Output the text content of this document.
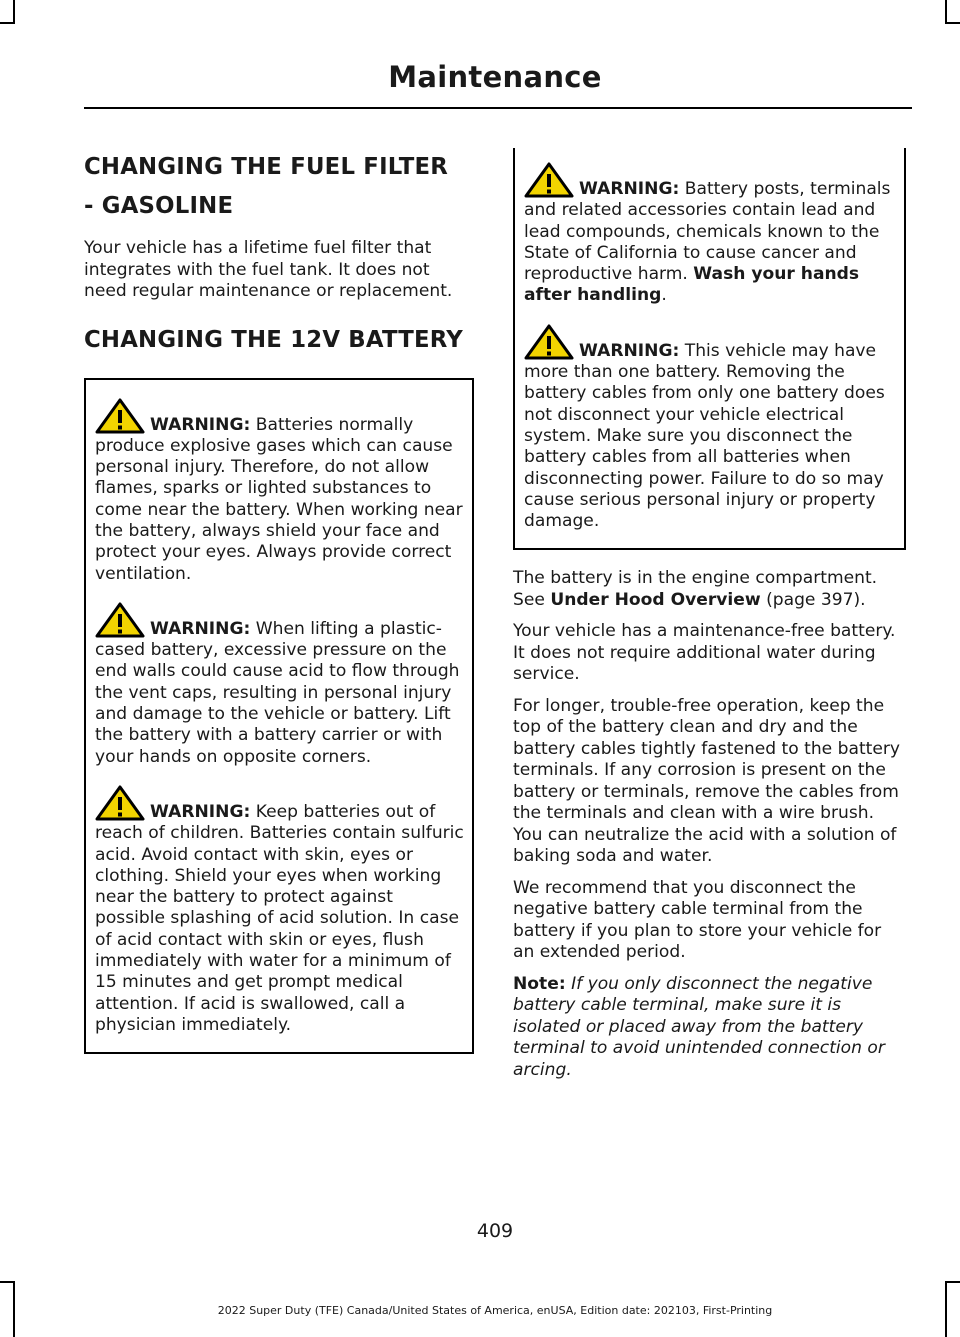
Maintenance
CHANGING THE FUEL FILTER
- GASOLINE

Your vehicle has a lifetime fuel filter that integrates with the fuel tank. It does not need regular maintenance or replacement.

CHANGING THE 12V BATTERY

WARNING: Batteries normally produce explosive gases which can cause personal injury. Therefore, do not allow flames, sparks or lighted substances to come near the battery. When working near the battery, always shield your face and protect your eyes. Always provide correct ventilation.

WARNING: When lifting a plastic-cased battery, excessive pressure on the end walls could cause acid to flow through the vent caps, resulting in personal injury and damage to the vehicle or battery. Lift the battery with a battery carrier or with your hands on opposite corners.

WARNING: Keep batteries out of reach of children. Batteries contain sulfuric acid. Avoid contact with skin, eyes or clothing. Shield your eyes when working near the battery to protect against possible splashing of acid solution. In case of acid contact with skin or eyes, flush immediately with water for a minimum of 15 minutes and get prompt medical attention. If acid is swallowed, call a physician immediately.

WARNING: Battery posts, terminals and related accessories contain lead and lead compounds, chemicals known to the State of California to cause cancer and reproductive harm. Wash your hands after handling.

WARNING: This vehicle may have more than one battery. Removing the battery cables from only one battery does not disconnect your vehicle electrical system. Make sure you disconnect the battery cables from all batteries when disconnecting power. Failure to do so may cause serious personal injury or property damage.

The battery is in the engine compartment. See Under Hood Overview (page 397).

Your vehicle has a maintenance-free battery. It does not require additional water during service.

For longer, trouble-free operation, keep the top of the battery clean and dry and the battery cables tightly fastened to the battery terminals. If any corrosion is present on the battery or terminals, remove the cables from the terminals and clean with a wire brush. You can neutralize the acid with a solution of baking soda and water.

We recommend that you disconnect the negative battery cable terminal from the battery if you plan to store your vehicle for an extended period.

Note: If you only disconnect the negative battery cable terminal, make sure it is isolated or placed away from the battery terminal to avoid unintended connection or arcing.

409
2022 Super Duty (TFE) Canada/United States of America, enUSA, Edition date: 202103, First-Printing
